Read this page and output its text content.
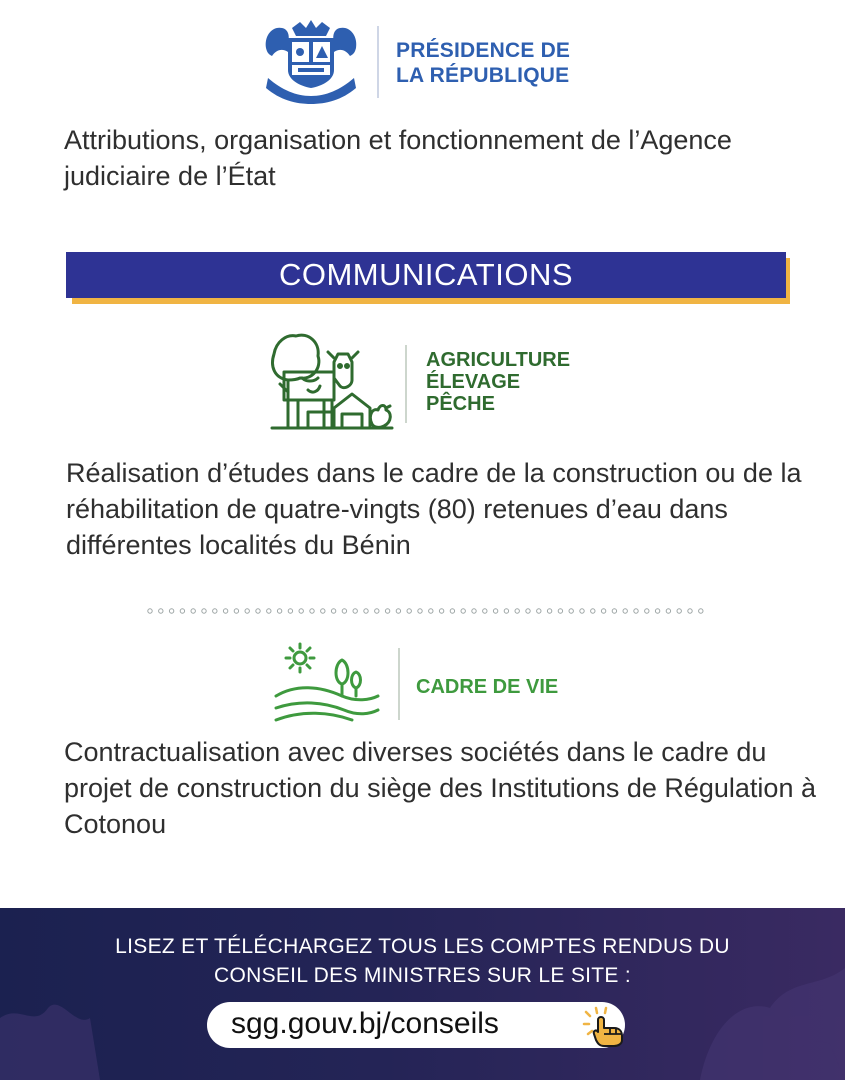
PRÉSIDENCE DE
LA RÉPUBLIQUE
Attributions, organisation et fonctionnement de l’Agence judiciaire de l’État
COMMUNICATIONS
AGRICULTURE
ÉLEVAGE
PÊCHE
Réalisation d’études dans le cadre de la construction ou de la réhabilitation de quatre-vingts (80) retenues d’eau dans différentes localités du Bénin
CADRE DE VIE
Contractualisation avec diverses sociétés dans le cadre du projet de construction du siège des Institutions de Régulation à Cotonou
LISEZ ET TÉLÉCHARGEZ TOUS LES COMPTES RENDUS DU
CONSEIL DES MINISTRES SUR LE SITE :
sgg.gouv.bj/conseils
